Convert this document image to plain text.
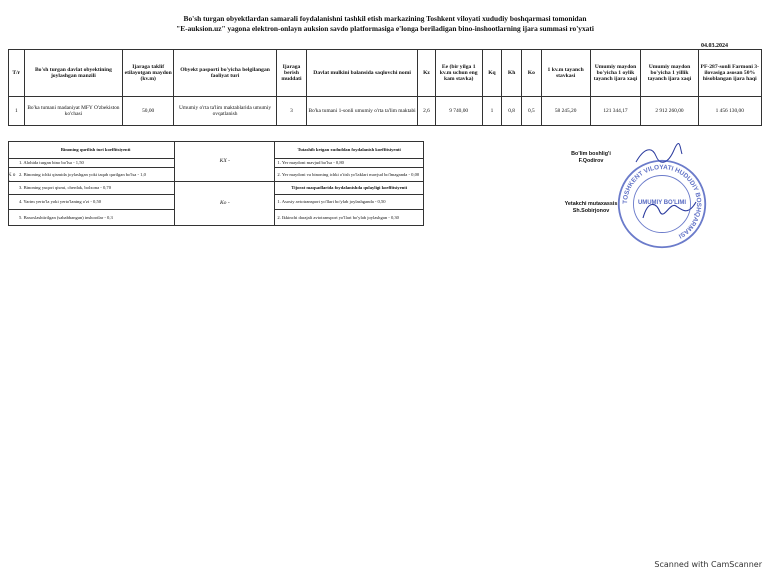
Bo'sh turgan obyektlardan samarali foydalanishni tashkil etish markazining Toshkent viloyati xududiy boshqarmasi tomonidan
"E-auksion.uz" yagona elektron-onlayn auksion savdo platformasiga e'longa beriladigan bino-inshootlarning ijara summasi ro'yxati
04.03.2024
T/r	Bo'sh turgan davlat obyektining joylashgan manzili	Ijaraga taklif etilayotgan maydon (kv.m)	Obyekt pasporti bo'yicha belgilangan faoliyat turi	Ijaraga berish muddati	Davlat mulkini balansida saqlovchi nomi	Kz	Ee (bir yilga 1 kv.m uchun eng kam stavka)	Kq	Kh	Ko	1 kv.m tayanch stavkasi	Umumiy maydon bo'yicha 1 oylik tayanch ijara xaqi	Umumiy maydon bo'yicha 1 yillik tayanch ijara xaqi	PF-287-sonli Farmoni 3-ilovasiga asosan 50% hisoblangan ijara haqi
1	Bo'ka tumani madaniyat MFY O'zbekiston ko'chasi	50,00	Umumiy o'rta ta'lim maktablarida umumiy ovqatlanish	3	Bo'ka tumani 1-sonli umumiy o'rta ta'lim maktabi	2,6	9 740,00	1	0,8	0,5	58 245,20	121 344,17	2 912 260,00	1 456 130,00
K o -
Binoning qurilish turi koeffitsiyenti	KX -	Tutashib ketgan xududdan foydalanish koeffitsiyenti
1. Alohida turgan bino bo'lsa - 1,50		1. Yer maydoni mavjud bo'lsa - 0,80
2. Binoning ichki qismida joylashgan yoki taqab qurilgan bo'lsa - 1,0		2. Yer maydoni va binoning ichki o'tish yo'laklari mavjud bo'lmaganda - 0,00
3. Binoning yuqori qismi, cherdak, bolxona - 0,70	Ko -	Tijorat maqsadlarida foydalanishda qulayligi koeffitsiyenti
4. Yarim yerto'la yoki yerto'laning o'zi - 0,50		1. Asosiy avtotransport yo'llari bo'ylab joylashganda - 0,50
5. Baxoslashtirilgan (sababbangan) inshootlar - 0,3		2. Ikkinchi darajali avtotransport yo'llari bo'ylab joylashgan - 0,30
Bo'lim boshlig'i
F.Qodirov
Yetakchi mutaxassis
Sh.Sobirjonov
TOSHKENT VILOYATI HUDUDIY BOSHQARMASI
UMUMIY BO'LIMI
Scanned with CamScanner
